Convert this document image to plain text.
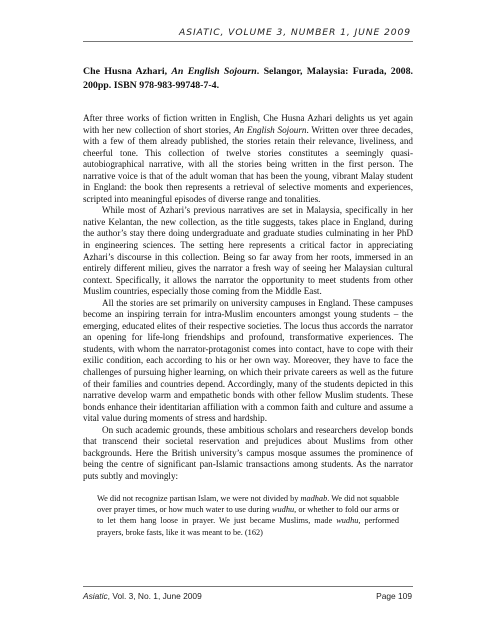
ASIATIC, VOLUME 3, NUMBER 1, JUNE 2009

Che Husna Azhari, An English Sojourn. Selangor, Malaysia: Furada, 2008. 200pp. ISBN 978-983-99748-7-4.

After three works of fiction written in English, Che Husna Azhari delights us yet again with her new collection of short stories, An English Sojourn. Written over three decades, with a few of them already published, the stories retain their relevance, liveliness, and cheerful tone. This collection of twelve stories constitutes a seemingly quasi-autobiographical narrative, with all the stories being written in the first person. The narrative voice is that of the adult woman that has been the young, vibrant Malay student in England: the book then represents a retrieval of selective moments and experiences, scripted into meaningful episodes of diverse range and tonalities.

While most of Azhari’s previous narratives are set in Malaysia, specifically in her native Kelantan, the new collection, as the title suggests, takes place in England, during the author’s stay there doing undergraduate and graduate studies culminating in her PhD in engineering sciences. The setting here represents a critical factor in appreciating Azhari’s discourse in this collection. Being so far away from her roots, immersed in an entirely different milieu, gives the narrator a fresh way of seeing her Malaysian cultural context. Specifically, it allows the narrator the opportunity to meet students from other Muslim countries, especially those coming from the Middle East.

All the stories are set primarily on university campuses in England. These campuses become an inspiring terrain for intra-Muslim encounters amongst young students – the emerging, educated elites of their respective societies. The locus thus accords the narrator an opening for life-long friendships and profound, transformative experiences. The students, with whom the narrator-protagonist comes into contact, have to cope with their exilic condition, each according to his or her own way. Moreover, they have to face the challenges of pursuing higher learning, on which their private careers as well as the future of their families and countries depend. Accordingly, many of the students depicted in this narrative develop warm and empathetic bonds with other fellow Muslim students. These bonds enhance their identitarian affiliation with a common faith and culture and assume a vital value during moments of stress and hardship.

On such academic grounds, these ambitious scholars and researchers develop bonds that transcend their societal reservation and prejudices about Muslims from other backgrounds. Here the British university’s campus mosque assumes the prominence of being the centre of significant pan-Islamic transactions among students. As the narrator puts subtly and movingly:

We did not recognize partisan Islam, we were not divided by madhab. We did not squabble over prayer times, or how much water to use during wudhu, or whether to fold our arms or to let them hang loose in prayer. We just became Muslims, made wudhu, performed prayers, broke fasts, like it was meant to be. (162)
Asiatic, Vol. 3, No. 1, June 2009	Page 109
